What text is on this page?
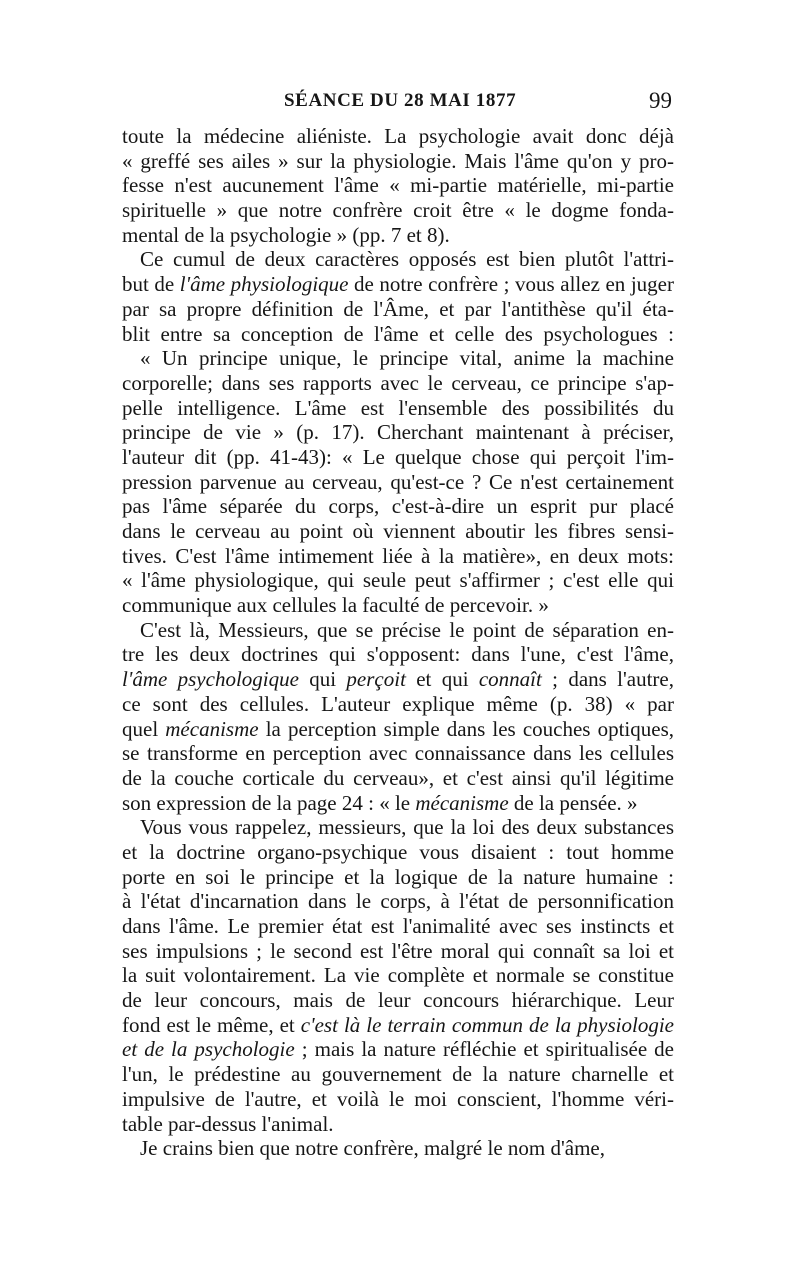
SÉANCE DU 28 MAI 1877	99
toute la médecine aliéniste. La psychologie avait donc déjà
« greffé ses ailes » sur la physiologie. Mais l'âme qu'on y pro-
fesse n'est aucunement l'âme « mi-partie matérielle, mi-partie
spirituelle » que notre confrère croit être « le dogme fonda-
mental de la psychologie » (pp. 7 et 8).
Ce cumul de deux caractères opposés est bien plutôt l'attri-
but de l'âme physiologique de notre confrère ; vous allez en juger
par sa propre définition de l'Âme, et par l'antithèse qu'il éta-
blit entre sa conception de l'âme et celle des psychologues :
« Un principe unique, le principe vital, anime la machine
corporelle; dans ses rapports avec le cerveau, ce principe s'ap-
pelle intelligence. L'âme est l'ensemble des possibilités du
principe de vie » (p. 17). Cherchant maintenant à préciser,
l'auteur dit (pp. 41-43): « Le quelque chose qui perçoit l'im-
pression parvenue au cerveau, qu'est-ce ? Ce n'est certainement
pas l'âme séparée du corps, c'est-à-dire un esprit pur placé
dans le cerveau au point où viennent aboutir les fibres sensi-
tives. C'est l'âme intimement liée à la matière», en deux mots:
« l'âme physiologique, qui seule peut s'affirmer ; c'est elle qui
communique aux cellules la faculté de percevoir. »
C'est là, Messieurs, que se précise le point de séparation en-
tre les deux doctrines qui s'opposent: dans l'une, c'est l'âme,
l'âme psychologique qui perçoit et qui connaît ; dans l'autre,
ce sont des cellules. L'auteur explique même (p. 38) « par
quel mécanisme la perception simple dans les couches optiques,
se transforme en perception avec connaissance dans les cellules
de la couche corticale du cerveau», et c'est ainsi qu'il légitime
son expression de la page 24 : « le mécanisme de la pensée. »
Vous vous rappelez, messieurs, que la loi des deux substances
et la doctrine organo-psychique vous disaient : tout homme
porte en soi le principe et la logique de la nature humaine :
à l'état d'incarnation dans le corps, à l'état de personnification
dans l'âme. Le premier état est l'animalité avec ses instincts et
ses impulsions ; le second est l'être moral qui connaît sa loi et
la suit volontairement. La vie complète et normale se constitue
de leur concours, mais de leur concours hiérarchique. Leur
fond est le même, et c'est là le terrain commun de la physiologie
et de la psychologie ; mais la nature réfléchie et spiritualisée de
l'un, le prédestine au gouvernement de la nature charnelle et
impulsive de l'autre, et voilà le moi conscient, l'homme véri-
table par-dessus l'animal.
Je crains bien que notre confrère, malgré le nom d'âme,
